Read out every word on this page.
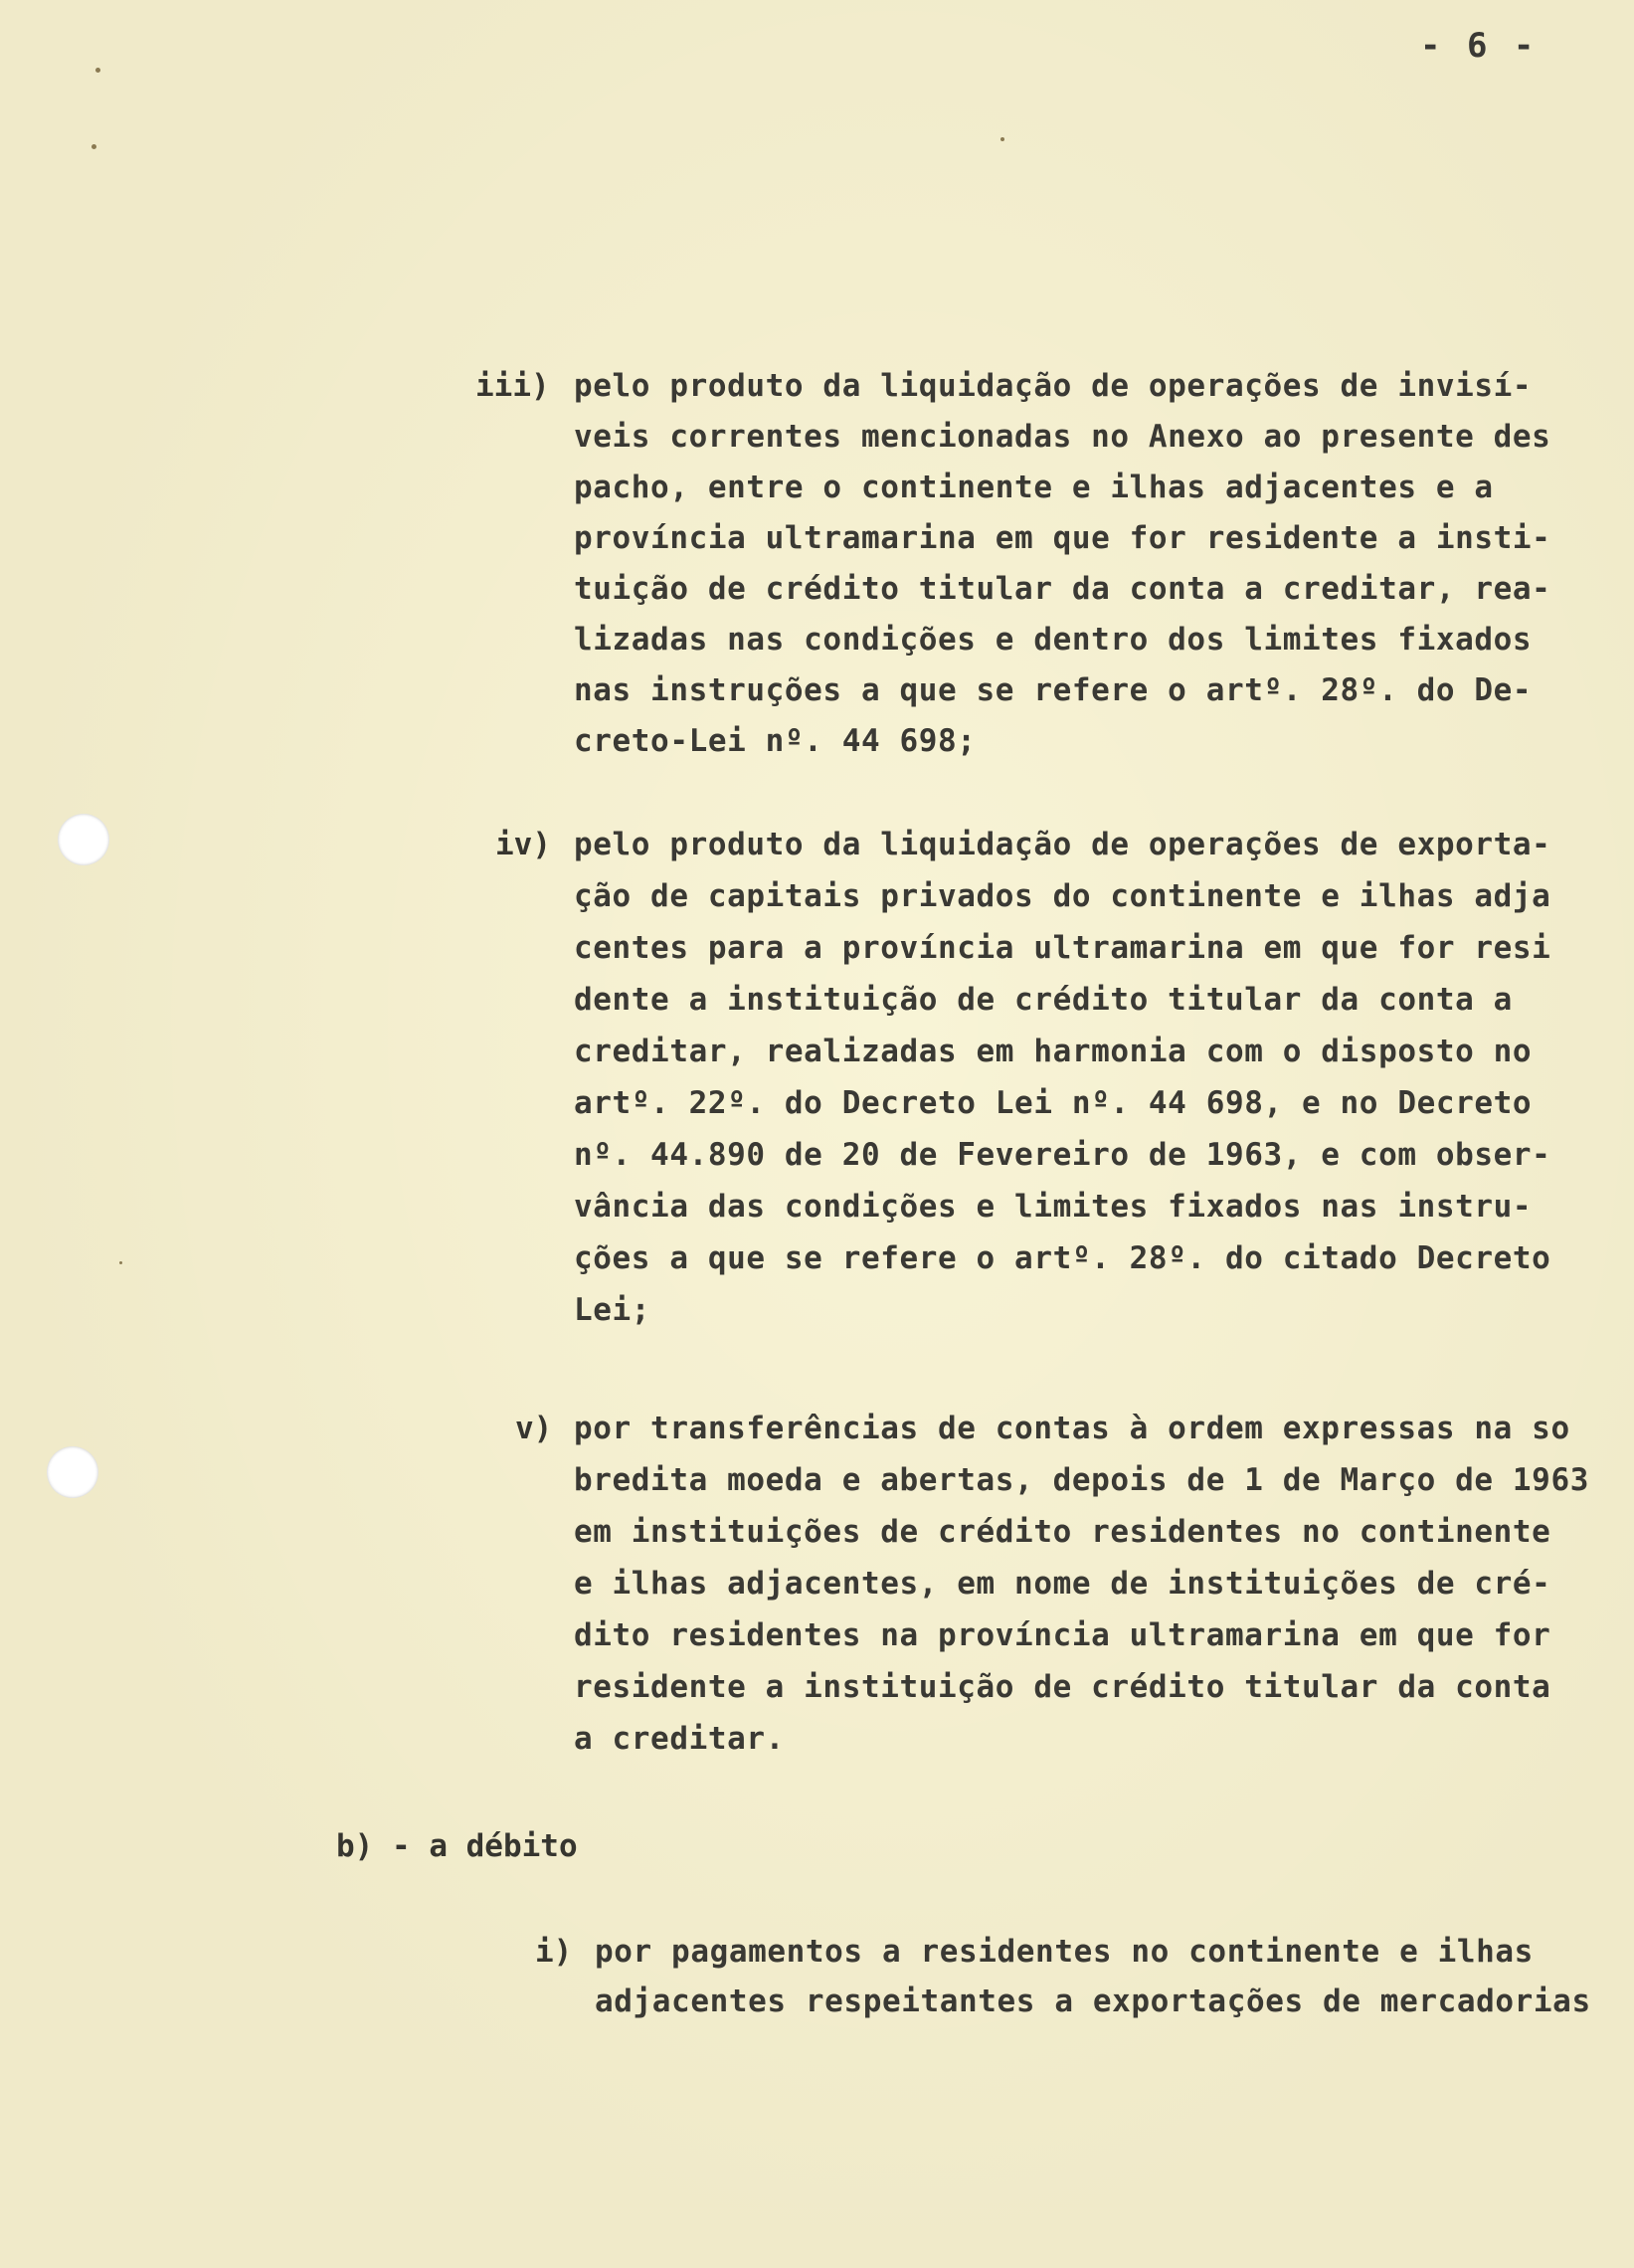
- 6 -
iii) pelo produto da liquidação de operações de invisí-
veis correntes mencionadas no Anexo ao presente des
pacho, entre o continente e ilhas adjacentes e a
província ultramarina em que for residente a insti-
tuição de crédito titular da conta a creditar, rea-
lizadas nas condições e dentro dos limites fixados
nas instruções a que se refere o artº. 28º. do De-
creto-Lei nº. 44 698;
iv) pelo produto da liquidação de operações de exporta-
ção de capitais privados do continente e ilhas adja
centes para a província ultramarina em que for resi
dente a instituição de crédito titular da conta a
creditar, realizadas em harmonia com o disposto no
artº. 22º. do Decreto Lei nº. 44 698, e no Decreto
nº. 44.890 de 20 de Fevereiro de 1963, e com obser-
vância das condições e limites fixados nas instru-
ções a que se refere o artº. 28º. do citado Decreto
Lei;
v) por transferências de contas à ordem expressas na so
bredita moeda e abertas, depois de 1 de Março de 1963
em instituições de crédito residentes no continente
e ilhas adjacentes, em nome de instituições de cré-
dito residentes na província ultramarina em que for
residente a instituição de crédito titular da conta
a creditar.
b) - a débito
i) por pagamentos a residentes no continente e ilhas
adjacentes respeitantes a exportações de mercadorias
